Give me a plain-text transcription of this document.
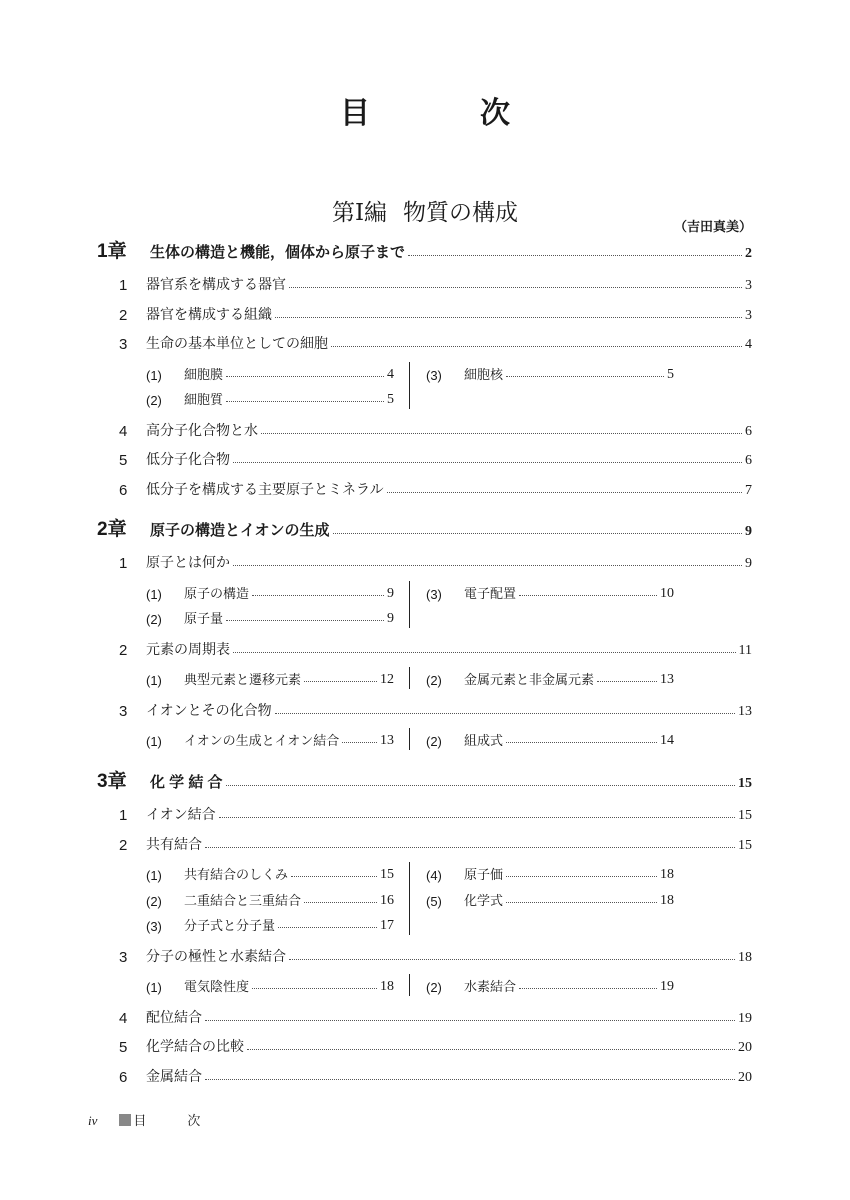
目　次
第Ⅰ編 物質の構成
（吉田真美）
1章 生体の構造と機能，個体から原子まで	2
1 器官系を構成する器官	3
2 器官を構成する組織	3
3 生命の基本単位としての細胞	4
(1) 細胞膜	4
(2) 細胞質	5
(3) 細胞核	5
4 高分子化合物と水	6
5 低分子化合物	6
6 低分子を構成する主要原子とミネラル	7
2章 原子の構造とイオンの生成	9
1 原子とは何か	9
(1) 原子の構造	9
(2) 原子量	9
(3) 電子配置	10
2 元素の周期表	11
(1) 典型元素と遷移元素	12 (2) 金属元素と非金属元素	13
3 イオンとその化合物	13
(1) イオンの生成とイオン結合	13 (2) 組成式	14
3章 化 学 結 合	15
1 イオン結合	15
2 共有結合	15
(1) 共有結合のしくみ	15
(2) 二重結合と三重結合	16
(3) 分子式と分子量	17
(4) 原子価	18
(5) 化学式	18
3 分子の極性と水素結合	18
(1) 電気陰性度	18 (2) 水素結合	19
4 配位結合	19
5 化学結合の比較	20
6 金属結合	20
iv	目　次
